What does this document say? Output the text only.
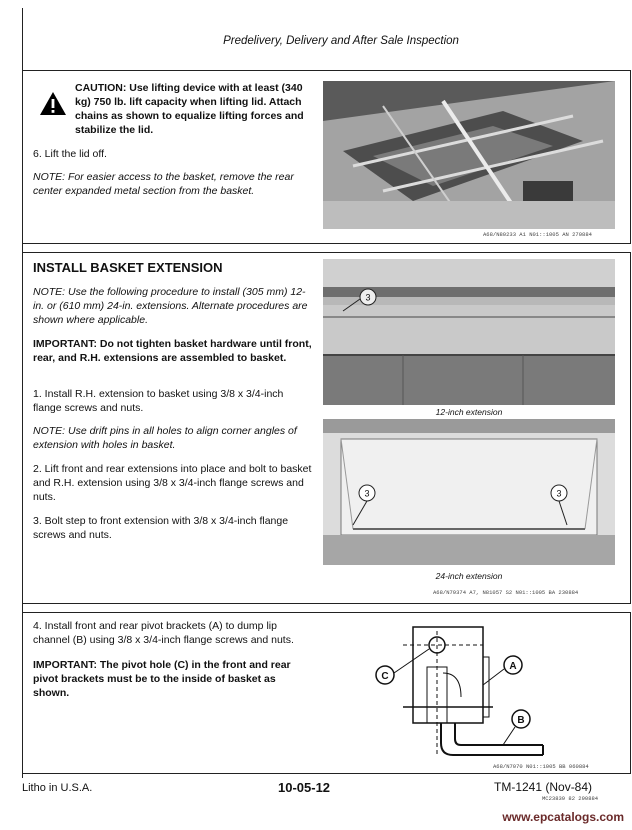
Predelivery, Delivery and After Sale Inspection
CAUTION: Use lifting device with at least (340 kg) 750 lb. lift capacity when lifting lid. Attach chains as shown to equalize lifting forces and stabilize the lid.
6. Lift the lid off.
NOTE: For easier access to the basket, remove the rear center expanded metal section from the basket.
A68/N80233 A1 N01::1005 AN 270884
INSTALL BASKET EXTENSION
NOTE: Use the following procedure to install (305 mm) 12-in. or (610 mm) 24-in. extensions. Alternate procedures are shown where applicable.
IMPORTANT: Do not tighten basket hardware until front, rear, and R.H. extensions are assembled to basket.
1. Install R.H. extension to basket using 3/8 x 3/4-inch flange screws and nuts.
NOTE: Use drift pins in all holes to align corner angles of extension with holes in basket.
2. Lift front and rear extensions into place and bolt to basket and R.H. extension using 3/8 x 3/4-inch flange screws and nuts.
3. Bolt step to front extension with 3/8 x 3/4-inch flange screws and nuts.
3
12-inch extension
3	3
24-inch extension
A68/N79374 A7, N81057 S2 N01::1005 BA 230884
4. Install front and rear pivot brackets (A) to dump lip channel (B) using 3/8 x 3/4-inch flange screws and nuts.
IMPORTANT: The pivot hole (C) in the front and rear pivot brackets must be to the inside of basket as shown.
C
A
B
A68/N7070 N01::1005 BB 060884
Litho in U.S.A.	10-05-12	TM-1241 (Nov-84)
MC23839 82 290884
www.epcatalogs.com
